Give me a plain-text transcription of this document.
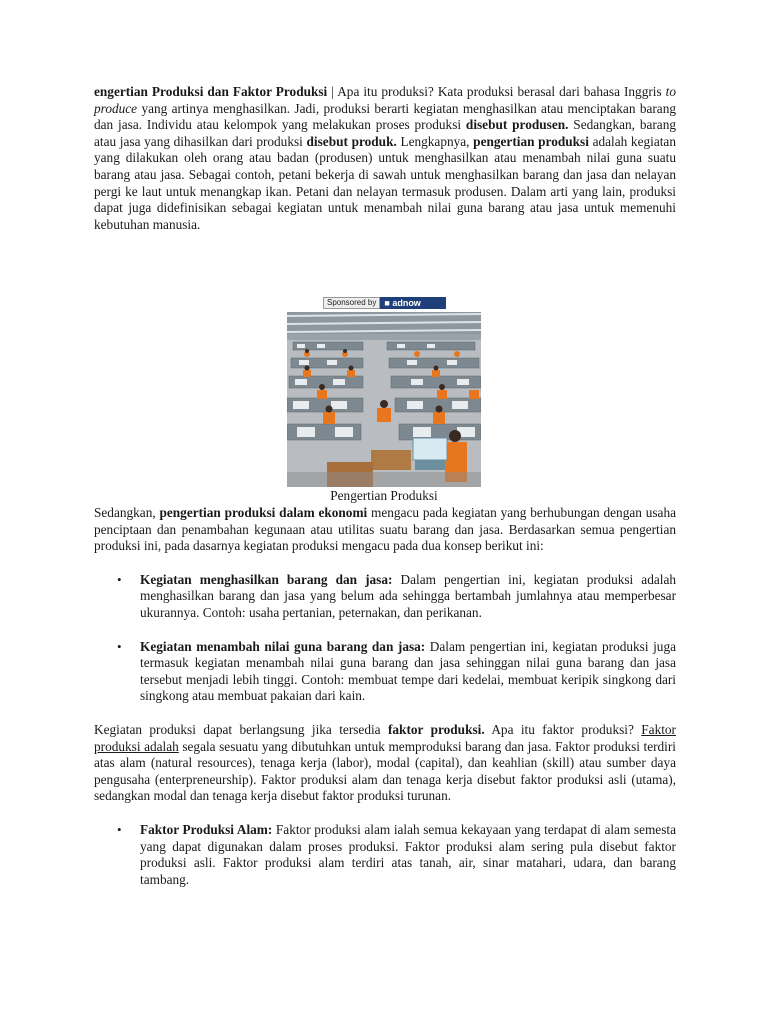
engertian Produksi dan Faktor Produksi | Apa itu produksi? Kata produksi berasal dari bahasa Inggris to produce yang artinya menghasilkan. Jadi, produksi berarti kegiatan menghasilkan atau menciptakan barang dan jasa. Individu atau kelompok yang melakukan proses produksi disebut produsen. Sedangkan, barang atau jasa yang dihasilkan dari produksi disebut produk. Lengkapnya, pengertian produksi adalah kegiatan yang dilakukan oleh orang atau badan (produsen) untuk menghasilkan atau menambah nilai guna suatu barang atau jasa. Sebagai contoh, petani bekerja di sawah untuk menghasilkan barang dan jasa dan nelayan pergi ke laut untuk menangkap ikan. Petani dan nelayan termasuk produsen. Dalam arti yang lain, produksi dapat juga didefinisikan sebagai kegiatan untuk menambah nilai guna barang atau jasa untuk memenuhi kebutuhan manusia.

Sponsored by ■ adnow
Pengertian Produksi

Sedangkan, pengertian produksi dalam ekonomi mengacu pada kegiatan yang berhubungan dengan usaha penciptaan dan penambahan kegunaan atau utilitas suatu barang dan jasa. Berdasarkan semua pengertian produksi ini, pada dasarnya kegiatan produksi mengacu pada dua konsep berikut ini:

• Kegiatan menghasilkan barang dan jasa: Dalam pengertian ini, kegiatan produksi adalah menghasilkan barang dan jasa yang belum ada sehingga bertambah jumlahnya atau memperbesar ukurannya. Contoh: usaha pertanian, peternakan, dan perikanan.

• Kegiatan menambah nilai guna barang dan jasa: Dalam pengertian ini, kegiatan produksi juga termasuk kegiatan menambah nilai guna barang dan jasa sehinggan nilai guna barang dan jasa tersebut menjadi lebih tinggi. Contoh: membuat tempe dari kedelai, membuat keripik singkong dari singkong atau membuat pakaian dari kain.

Kegiatan produksi dapat berlangsung jika tersedia faktor produksi. Apa itu faktor produksi? Faktor produksi adalah segala sesuatu yang dibutuhkan untuk memproduksi barang dan jasa. Faktor produksi terdiri atas alam (natural resources), tenaga kerja (labor), modal (capital), dan keahlian (skill) atau sumber daya pengusaha (enterpreneurship). Faktor produksi alam dan tenaga kerja disebut faktor produksi asli (utama), sedangkan modal dan tenaga kerja disebut faktor produksi turunan.

• Faktor Produksi Alam: Faktor produksi alam ialah semua kekayaan yang terdapat di alam semesta yang dapat digunakan dalam proses produksi. Faktor produksi alam sering pula disebut faktor produksi asli. Faktor produksi alam terdiri atas tanah, air, sinar matahari, udara, dan barang tambang.
